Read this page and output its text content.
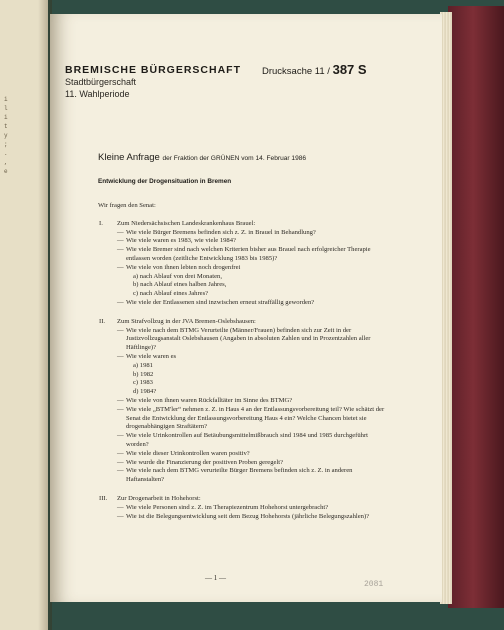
i
l
i
t
y
;
.
,
e
BREMISCHE BÜRGERSCHAFT
Stadtbürgerschaft
11. Wahlperiode
Drucksache 11 / 387 S
Kleine Anfrage der Fraktion der GRÜNEN vom 14. Februar 1986
Entwicklung der Drogensituation in Bremen
Wir fragen den Senat:
I. Zum Niedersächsischen Landeskrankenhaus Brauel:
— Wie viele Bürger Bremens befinden sich z. Z. in Brauel in Behandlung?
— Wie viele waren es 1983, wie viele 1984?
— Wie viele Bremer sind nach welchen Kriterien bisher aus Brauel nach erfolgreicher Therapie entlassen worden (zeitliche Entwicklung 1983 bis 1985)?
— Wie viele von ihnen lebten noch drogenfrei
a) nach Ablauf von drei Monaten,
b) nach Ablauf eines halben Jahres,
c) nach Ablauf eines Jahres?
— Wie viele der Entlassenen sind inzwischen erneut straffällig geworden?
II. Zum Strafvollzug in der JVA Bremen-Oslebshausen:
— Wie viele nach dem BTMG Verurteilte (Männer/Frauen) befinden sich zur Zeit in der Justizvollzugsanstalt Oslebshausen (Angaben in absoluten Zahlen und in Prozentzahlen aller Häftlinge)?
— Wie viele waren es
a) 1981
b) 1982
c) 1983
d) 1984?
— Wie viele von ihnen waren Rückfalltäter im Sinne des BTMG?
— Wie viele „BTM'ler“ nehmen z. Z. in Haus 4 an der Entlassungsvorbereitung teil? Wie schätzt der Senat die Entwicklung der Entlassungsvorbereitung Haus 4 ein? Welche Chancen bietet sie drogenabhängigen Straftätern?
— Wie viele Urinkontrollen auf Betäubungsmittelmißbrauch sind 1984 und 1985 durchgeführt worden?
— Wie viele dieser Urinkontrollen waren positiv?
— Wie wurde die Finanzierung der positiven Proben geregelt?
— Wie viele nach dem BTMG verurteilte Bürger Bremens befinden sich z. Z. in anderen Haftanstalten?
III. Zur Drogenarbeit in Hohehorst:
— Wie viele Personen sind z. Z. im Therapiezentrum Hohehorst untergebracht?
— Wie ist die Belegungsentwicklung seit dem Bezug Hohehorsts (jährliche Belegungszahlen)?
— 1 —
2081
